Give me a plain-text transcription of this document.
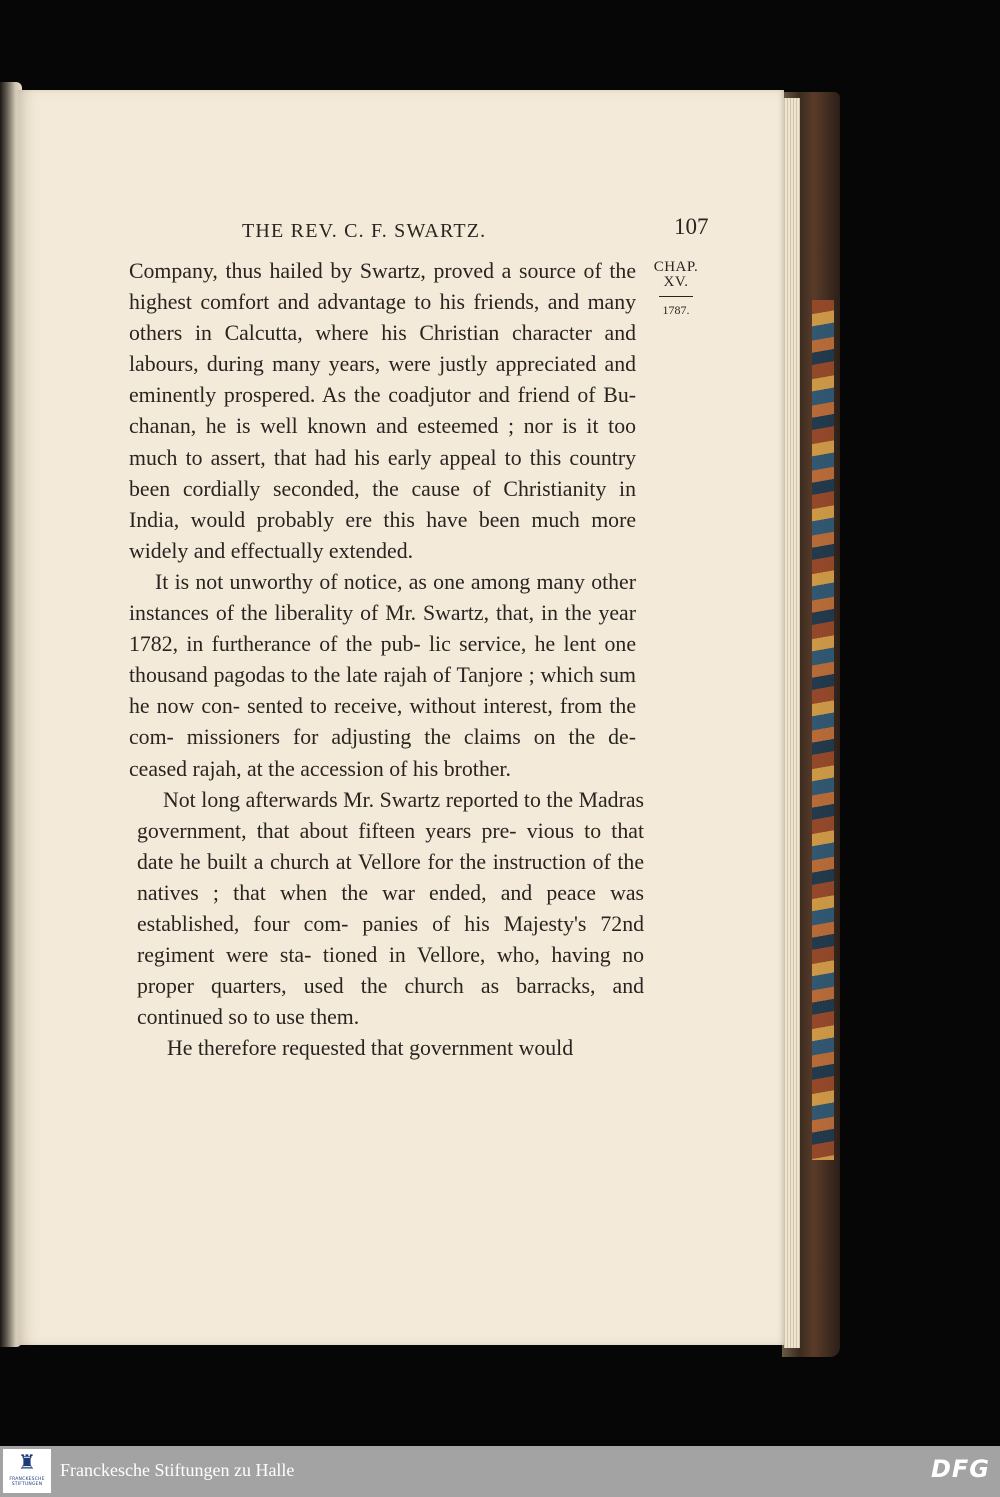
THE REV. C. F. SWARTZ.	107
CHAP.
XV.
1787.

Company, thus hailed by Swartz, proved a source of the highest comfort and advantage to his friends, and many others in Calcutta, where his Christian character and labours, during many years, were justly appreciated and eminently prospered. As the coadjutor and friend of Bu- chanan, he is well known and esteemed ; nor is it too much to assert, that had his early appeal to this country been cordially seconded, the cause of Christianity in India, would probably ere this have been much more widely and effectually extended.

It is not unworthy of notice, as one among many other instances of the liberality of Mr. Swartz, that, in the year 1782, in furtherance of the pub- lic service, he lent one thousand pagodas to the late rajah of Tanjore ; which sum he now con- sented to receive, without interest, from the com- missioners for adjusting the claims on the de- ceased rajah, at the accession of his brother.

Not long afterwards Mr. Swartz reported to the Madras government, that about fifteen years pre- vious to that date he built a church at Vellore for the instruction of the natives ; that when the war ended, and peace was established, four com- panies of his Majesty's 72nd regiment were sta- tioned in Vellore, who, having no proper quarters, used the church as barracks, and continued so to use them.

He therefore requested that government would

♜
FRANCKESCHE STIFTUNGEN
Franckesche Stiftungen zu Halle	DFG
